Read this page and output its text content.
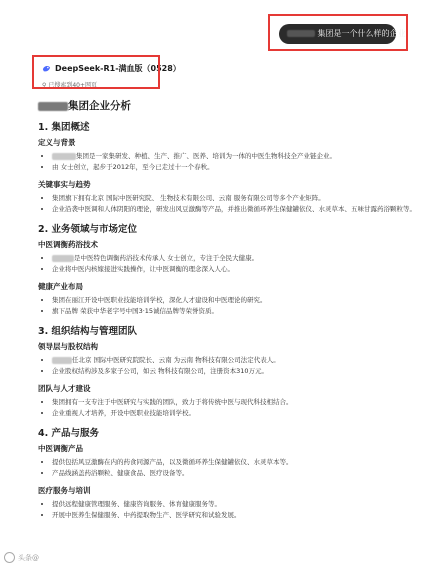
集团是一个什么样的企业
DeepSeek-R1-满血版（0528）
⚲ 已搜索到40+网页
集团企业分析
1. 集团概述
定义与背景
• 集团是一家集研发、种植、生产、推广、医养、培训为一体的中医生物科技全产业链企业。
• 由 女士创立，起步于2012年，至今已走过十一个春秋。
关键事实与趋势
• 集团旗下拥有北京 国际中医研究院、 生物技术有限公司、云南 服务有限公司等多个产业矩阵。
• 企业沿袭中医调和人体阴阳的理论，研发出风豆激酶等产品，并推出微循环养生保健罐依仪、水灵草本、五味甘露药浴颗粒等。
2. 业务领域与市场定位
中医调衡药浴技术
• 是中医特色调衡药浴技术传承人 女士创立，专注于全民大健康。
• 企业将中医内核嫁接进实践操作，让中医调衡的理念深入人心。
健康产业布局
• 集团在丽江开设中医职业技能培训学校，深化人才建设和中医理论的研究。
• 旗下品牌 荣获中华老字号中国3·15诚信品牌等荣誉资质。
3. 组织结构与管理团队
领导层与股权结构
• 任北京 国际中医研究院院长、云南 为云南 物科技有限公司法定代表人。
• 企业股权结构涉及多家子公司，如云 物科技有限公司，注册资本310万元。
团队与人才建设
• 集团拥有一支专注于中医研究与实践的团队，致力于将传统中医与现代科技相结合。
• 企业重视人才培养，开设中医职业技能培训学校。
4. 产品与服务
中医调衡产品
• 提供包括风豆激酶在内的药食同源产品，以及微循环养生保健罐依仪、水灵草本等。
• 产品线涵盖药浴颗粒、健康食品、医疗设备等。
医疗服务与培训
• 提供远程健康管理服务、健康咨询服务、体育健康服务等。
• 开展中医养生保健服务、中药提取物生产、医学研究和试验发展。
头条@
